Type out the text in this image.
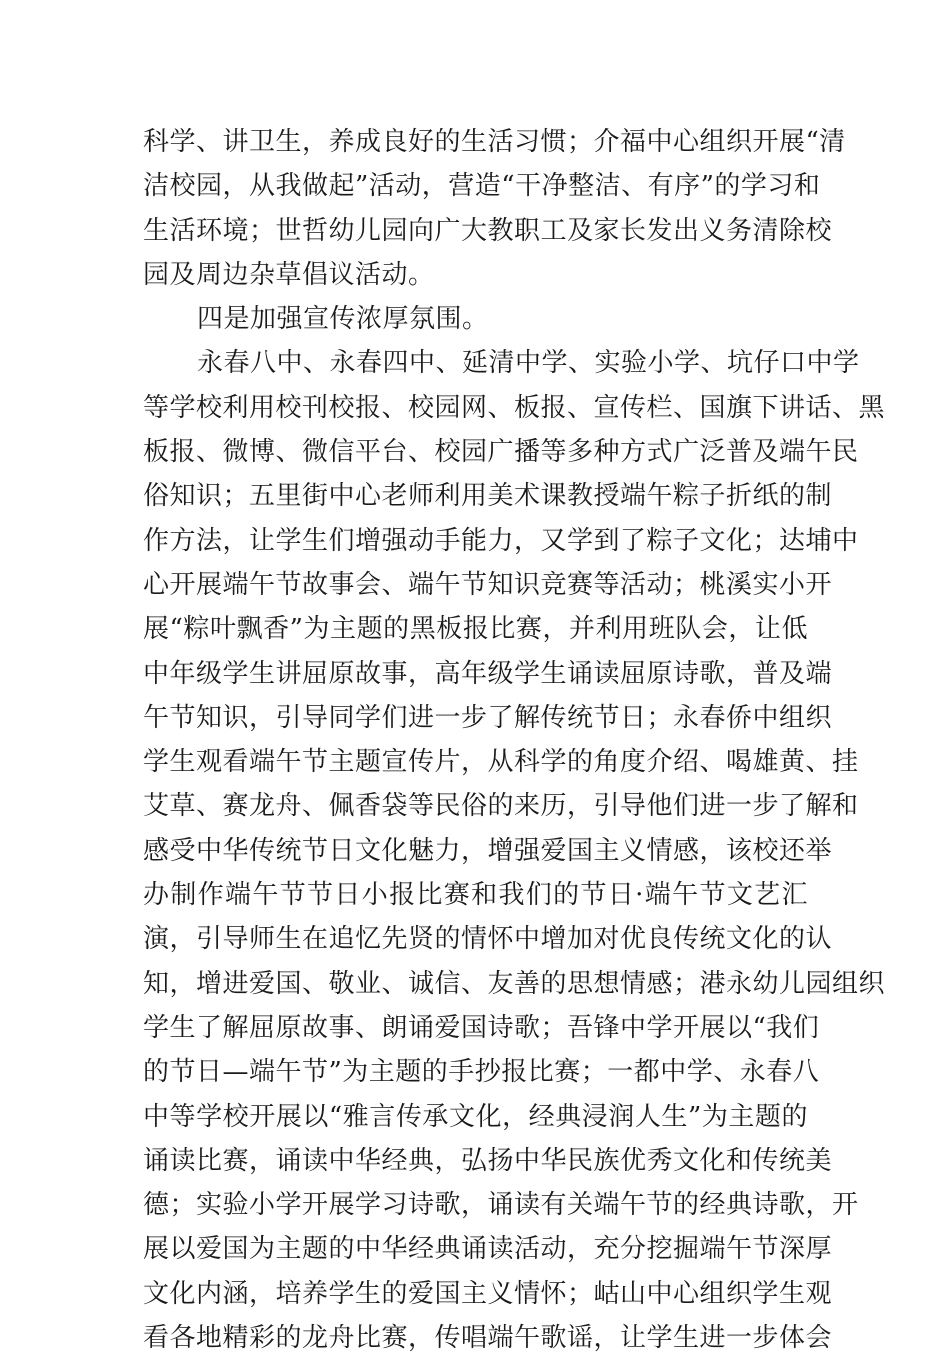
科学、讲卫生，养成良好的生活习惯；介福中心组织开展“清
洁校园，从我做起”活动，营造“干净整洁、有序”的学习和
生活环境；世哲幼儿园向广大教职工及家长发出义务清除校
园及周边杂草倡议活动。
四是加强宣传浓厚氛围。
永春八中、永春四中、延清中学、实验小学、坑仔口中学
等学校利用校刊校报、校园网、板报、宣传栏、国旗下讲话、黑
板报、微博、微信平台、校园广播等多种方式广泛普及端午民
俗知识；五里街中心老师利用美术课教授端午粽子折纸的制
作方法，让学生们增强动手能力，又学到了粽子文化；达埔中
心开展端午节故事会、端午节知识竞赛等活动；桃溪实小开
展“粽叶飘香”为主题的黑板报比赛，并利用班队会，让低
中年级学生讲屈原故事，高年级学生诵读屈原诗歌，普及端
午节知识，引导同学们进一步了解传统节日；永春侨中组织
学生观看端午节主题宣传片，从科学的角度介绍、喝雄黄、挂
艾草、赛龙舟、佩香袋等民俗的来历，引导他们进一步了解和
感受中华传统节日文化魅力，增强爱国主义情感，该校还举
办制作端午节节日小报比赛和我们的节日·端午节文艺汇
演，引导师生在追忆先贤的情怀中增加对优良传统文化的认
知，增进爱国、敬业、诚信、友善的思想情感；港永幼儿园组织
学生了解屈原故事、朗诵爱国诗歌；吾锋中学开展以“我们
的节日—端午节”为主题的手抄报比赛；一都中学、永春八
中等学校开展以“雅言传承文化，经典浸润人生”为主题的
诵读比赛，诵读中华经典，弘扬中华民族优秀文化和传统美
德；实验小学开展学习诗歌，诵读有关端午节的经典诗歌，开
展以爱国为主题的中华经典诵读活动，充分挖掘端午节深厚
文化内涵，培养学生的爱国主义情怀；岵山中心组织学生观
看各地精彩的龙舟比赛，传唱端午歌谣，让学生进一步体会
